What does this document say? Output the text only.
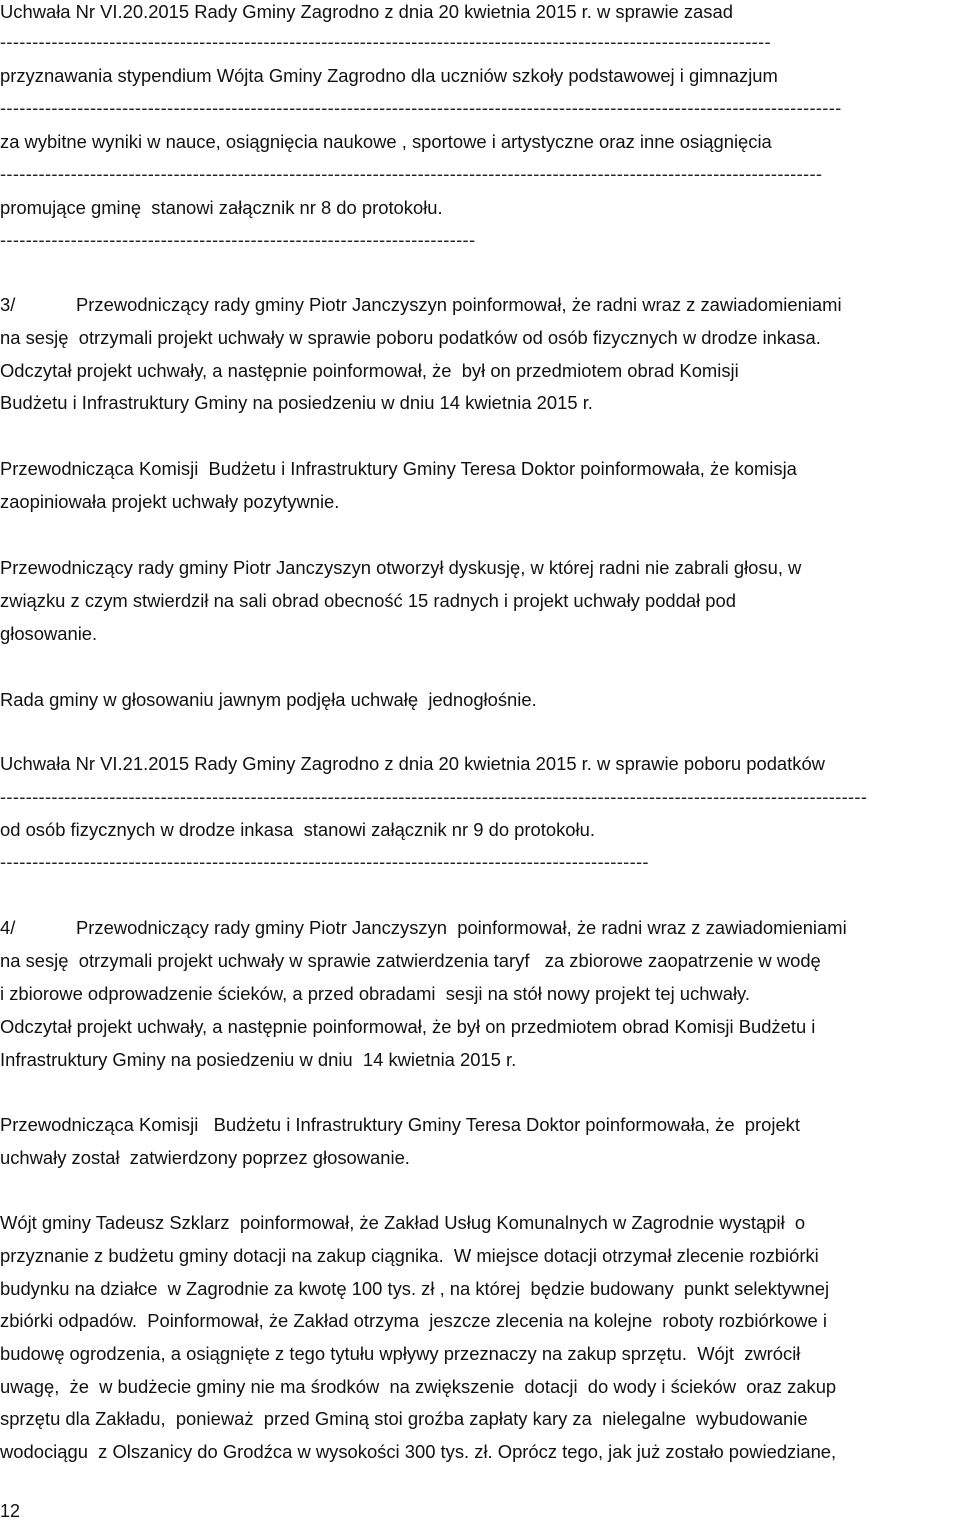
Uchwała Nr VI.20.2015 Rady Gminy Zagrodno z dnia 20 kwietnia 2015 r. w sprawie zasad
------------------------------------------------------------------------------------------------------------------------
przyznawania stypendium Wójta Gminy Zagrodno dla uczniów szkoły podstawowej i gimnazjum
-----------------------------------------------------------------------------------------------------------------------------------
za wybitne wyniki w nauce, osiągnięcia naukowe , sportowe i artystyczne oraz inne osiągnięcia
--------------------------------------------------------------------------------------------------------------------------------
promujące gminę  stanowi załącznik nr 8 do protokołu.
--------------------------------------------------------------------------
3/	Przewodniczący rady gminy Piotr Janczyszyn poinformował, że radni wraz z zawiadomieniami
na sesję  otrzymali projekt uchwały w sprawie poboru podatków od osób fizycznych w drodze inkasa.
Odczytał projekt uchwały, a następnie poinformował, że  był on przedmiotem obrad Komisji
Budżetu i Infrastruktury Gminy na posiedzeniu w dniu 14 kwietnia 2015 r.
Przewodnicząca Komisji  Budżetu i Infrastruktury Gminy Teresa Doktor poinformowała, że komisja
zaopiniowała projekt uchwały pozytywnie.
Przewodniczący rady gminy Piotr Janczyszyn otworzył dyskusję, w której radni nie zabrali głosu, w
związku z czym stwierdził na sali obrad obecność 15 radnych i projekt uchwały poddał pod
głosowanie.
Rada gminy w głosowaniu jawnym podjęła uchwałę  jednogłośnie.
Uchwała Nr VI.21.2015 Rady Gminy Zagrodno z dnia 20 kwietnia 2015 r. w sprawie poboru podatków
---------------------------------------------------------------------------------------------------------------------------------------
od osób fizycznych w drodze inkasa  stanowi załącznik nr 9 do protokołu.
-----------------------------------------------------------------------------------------------------
4/	Przewodniczący rady gminy Piotr Janczyszyn  poinformował, że radni wraz z zawiadomieniami
na sesję  otrzymali projekt uchwały w sprawie zatwierdzenia taryf   za zbiorowe zaopatrzenie w wodę
i zbiorowe odprowadzenie ścieków, a przed obradami  sesji na stół nowy projekt tej uchwały.
Odczytał projekt uchwały, a następnie poinformował, że był on przedmiotem obrad Komisji Budżetu i
Infrastruktury Gminy na posiedzeniu w dniu  14 kwietnia 2015 r.
Przewodnicząca Komisji   Budżetu i Infrastruktury Gminy Teresa Doktor poinformowała, że  projekt
uchwały został  zatwierdzony poprzez głosowanie.
Wójt gminy Tadeusz Szklarz  poinformował, że Zakład Usług Komunalnych w Zagrodnie wystąpił  o
przyznanie z budżetu gminy dotacji na zakup ciągnika.  W miejsce dotacji otrzymał zlecenie rozbiórki
budynku na działce  w Zagrodnie za kwotę 100 tys. zł , na której  będzie budowany  punkt selektywnej
zbiórki odpadów.  Poinformował, że Zakład otrzyma  jeszcze zlecenia na kolejne  roboty rozbiórkowe i
budowę ogrodzenia, a osiągnięte z tego tytułu wpływy przeznaczy na zakup sprzętu.  Wójt  zwrócił
uwagę,  że  w budżecie gminy nie ma środków  na zwiększenie  dotacji  do wody i ścieków  oraz zakup
sprzętu dla Zakładu,  ponieważ  przed Gminą stoi groźba zapłaty kary za  nielegalne  wybudowanie
wodociągu  z Olszanicy do Grodźca w wysokości 300 tys. zł. Oprócz tego, jak już zostało powiedziane,
12
